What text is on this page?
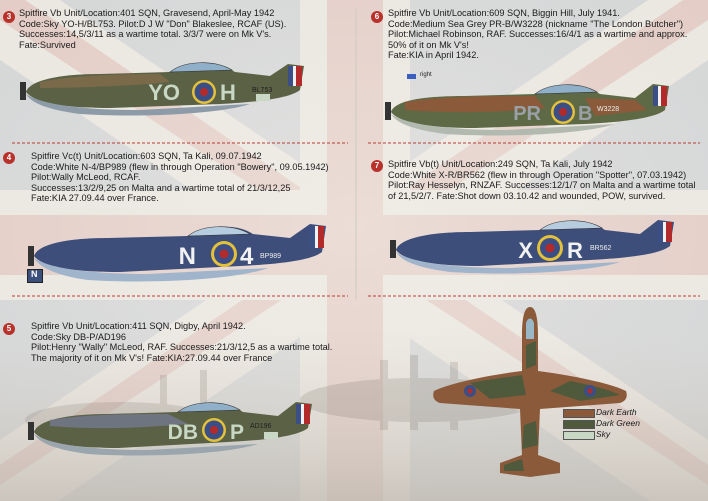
3 Spitfire Vb Unit/Location:401 SQN, Gravesend, April-May 1942
Code:Sky YO-H/BL753. Pilot:D J W "Don" Blakeslee, RCAF (US).
Successes:14,5/3/11 as a wartime total. 3/3/7 were on Mk V's.
Fate:Survived
YO H BL753
6 Spitfire Vb Unit/Location:609 SQN, Biggin Hill, July 1941.
Code:Medium Sea Grey PR-B/W3228 (nickname "The London Butcher")
Pilot:Michael Robinson, RAF. Successes:16/4/1 as a wartime and approx.
50% of it on Mk V's!
Fate:KIA in April 1942.
right
PR B W3228
4	Spitfire Vc(t) Unit/Location:603 SQN, Ta Kali, 09.07.1942
Code:White N-4/BP989 (flew in through Operation "Bowery", 09.05.1942)
Pilot:Wally McLeod, RCAF.
Successes:13/2/9,25 on Malta and a wartime total of 21/3/12,25
Fate:KIA 27.09.44 over France.
N
N 4 BP989
7 Spitfire Vb(t) Unit/Location:249 SQN, Ta Kali, July 1942
Code:White X-R/BR562 (flew in through Operation "Spotter", 07.03.1942)
Pilot:Ray Hesselyn, RNZAF. Successes:12/1/7 on Malta and a wartime total
of 21,5/2/7. Fate:Shot down 03.10.42 and wounded, POW, survived.
X R BR562
5	Spitfire Vb Unit/Location:411 SQN, Digby, April 1942.
Code:Sky DB-P/AD196
Pilot:Henry "Wally" McLeod, RAF. Successes:21/3/12,5 as a wartime total.
The majority of it on Mk V's! Fate:KIA:27.09.44 over France
DB P AD196
Dark Earth
Dark Green
Sky
